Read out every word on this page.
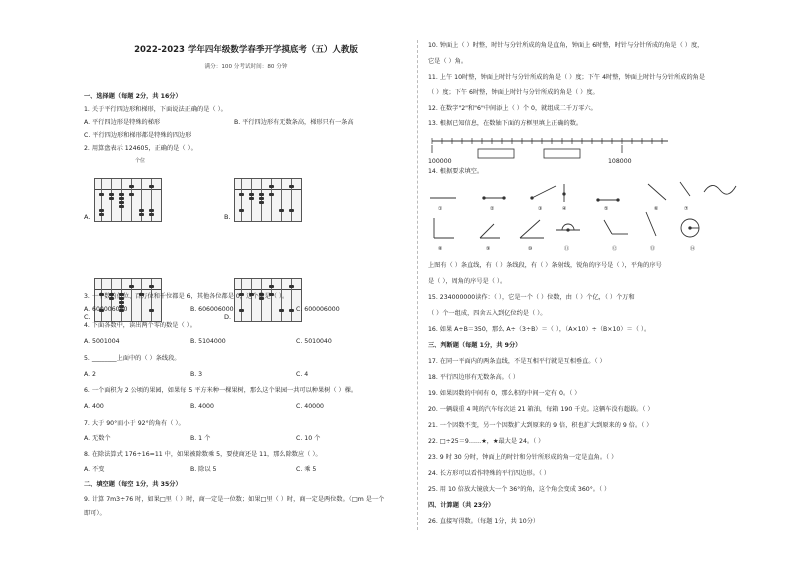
2022-2023 学年四年级数学春季开学摸底考（五）人教版
满分：100 分考试时间：80 分钟
一、选择题（每题 2分，共 16分）
1. 关于平行四边形和梯形，下面说法正确的是（ ）。
A. 平行四边形是特殊的梯形	B. 平行四边形有无数条高，梯形只有一条高
C. 平行四边形和梯形都是特殊的四边形
2. 用算盘表示 124605，正确的是（ ）。
A.
个位
B.
C.	D.
3. 一个数的亿位、百万位和千位都是 6，其他各位都是 0，这个数是（ ）。
A. 600006000	B. 606006000	C. 600006000
4. 下面各数中，读出两个零的数是（ ）。
A. 5001004	B. 5104000	C. 5010040
5. ________上面中的（ ）条线段。
A. 2	B. 3	C. 4
6. 一个面积为 2 公顷的果园，如果每 5 平方米种一棵果树，那么这个果园一共可以种果树（ ）棵。
A. 400	B. 4000	C. 40000
7. 大于 90°而小于 92°的角有（ ）。
A. 无数个	B. 1 个	C. 10 个
8. 在除法算式 176÷16=11 中，如果被除数乘 5，要使商还是 11，那么除数应（ ）。
A. 不变	B. 除以 5	C. 乘 5
二、填空题（每空 1分，共 35分）
9. 计算 7m3÷76 时，如果□里（ ）时，商一定是一位数；如果□里（ ）时，商一定是两位数。（□m 是一个
即可）。
10. 钟面上（ ）时整，时针与分针所成的角是直角，钟面上 6时整，时针与分针所成的角是（ ）度，
它是（ ）角。
11. 上午 10时整，钟面上时针与分针所成的角是（ ）度；下午 4时整，钟面上时针与分针所成的角是
（ ）度；下午 6时整，钟面上时针与分针所成的角是（ ）度。
12. 在数字"2"和"6"中间添上（ ）个 0，就组成二千万零六。
13. 根据已知信息，在数轴下面的方框里填上正确的数。
100000	108000
14. 根据要求填空。
①	②	③	④	⑤	⑥	⑦
⑧	⑨	⑩	⑪	⑫	⑬	⑭
上图有（ ）条直线，有（ ）条线段，有（ ）条射线，锐角的序号是（ ），平角的序号
是（ ），周角的序号是（ ）。
15. 234000000读作：（ ），它是一个（ ）位数，由（ ）个亿，（ ）个万和
（ ）个一组成，四舍五入到亿位约是（ ）。
16. 如果 A÷B＝350，那么 A÷（3÷B）＝（ ），（A×10）÷（B×10）＝（ ）。
三、判断题（每题 1分，共 9分）
17. 在同一平面内的两条直线，不是互相平行就是互相垂直。（ ）
18. 平行四边形有无数条高。（ ）
19. 如果因数的中间有 0，那么积的中间一定有 0。（ ）
20. 一辆载重 4 吨的汽车每次运 21 箱油，每箱 190 千克。这辆车没有超载。（ ）
21. 一个因数不变，另一个因数扩大到原来的 9 倍，积也扩大到原来的 9 倍。（ ）
22. □÷25＝9……★，★最大是 24。（ ）
23. 9 时 30 分时，钟面上的时针和分针所形成的角一定是直角。（ ）
24. 长方形可以看作特殊的平行四边形。（ ）
25. 用 10 倍放大镜放大一个 36°的角，这个角会变成 360°。（ ）
四、计算题（共 23分）
26. 直接写得数。（每题 1分，共 10分）
